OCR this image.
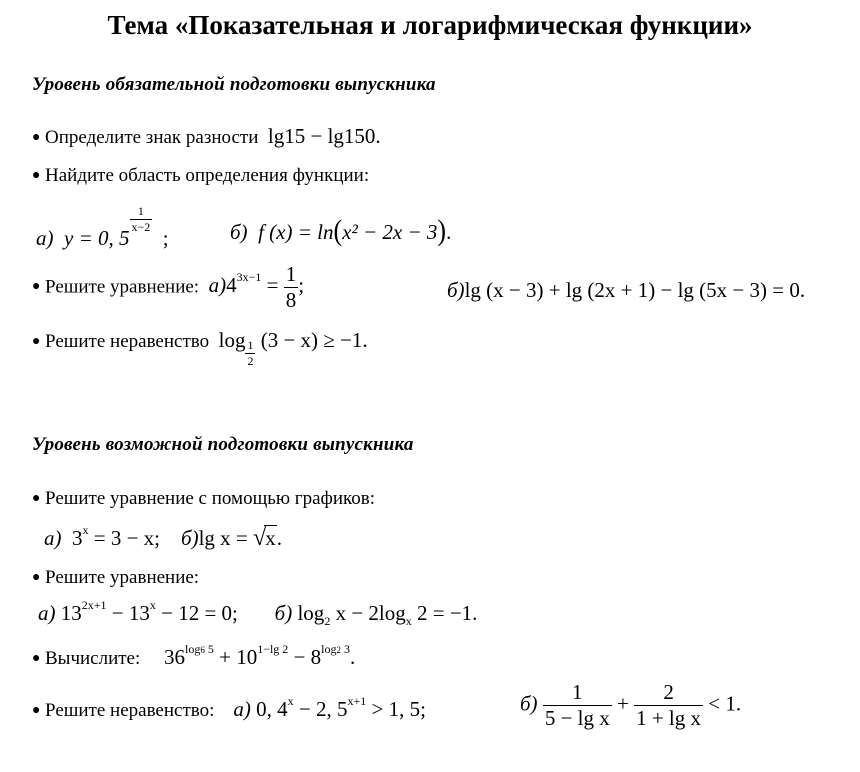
Тема «Показательная и логарифмическая функции»
Уровень обязательной подготовки выпускника
● Определите знак разности lg15 − lg150.
● Найдите область определения функции:
а) y = 0, 5
$\frac{1}{x-2}$
;	б) f (x) = ln(x² − 2x − 3).
● Решите уравнение: $а)4^{3x-1} = \frac{1}{8}$ ;	б)lg (x − 3) + lg (2x + 1) − lg (5x − 3) = 0.
● Решите неравенство $\log \frac{1}{2} (3 - x) \ge -1$.
Уровень возможной подготовки выпускника
● Решите уравнение с помощью графиков:
а) $3^x = 3 - x$; б)lg x = √x.
● Решите уравнение:
а) $13^{2x+1} - 13^x - 12 = 0$; б) $\log_2 x - 2\log_x$ 2 = −1.
● Вычислите: $36^{log6 5} + 10^{1-lg 2} - 8^{log2 3}$.
● Решите неравенство: а) 0, $4^x - 2$, $5^{x+1} > 1$, 5;	$б) \frac{1}{\text{5 − lg x}} + \frac{2}{\text{1 + lg x}} < 1$.
